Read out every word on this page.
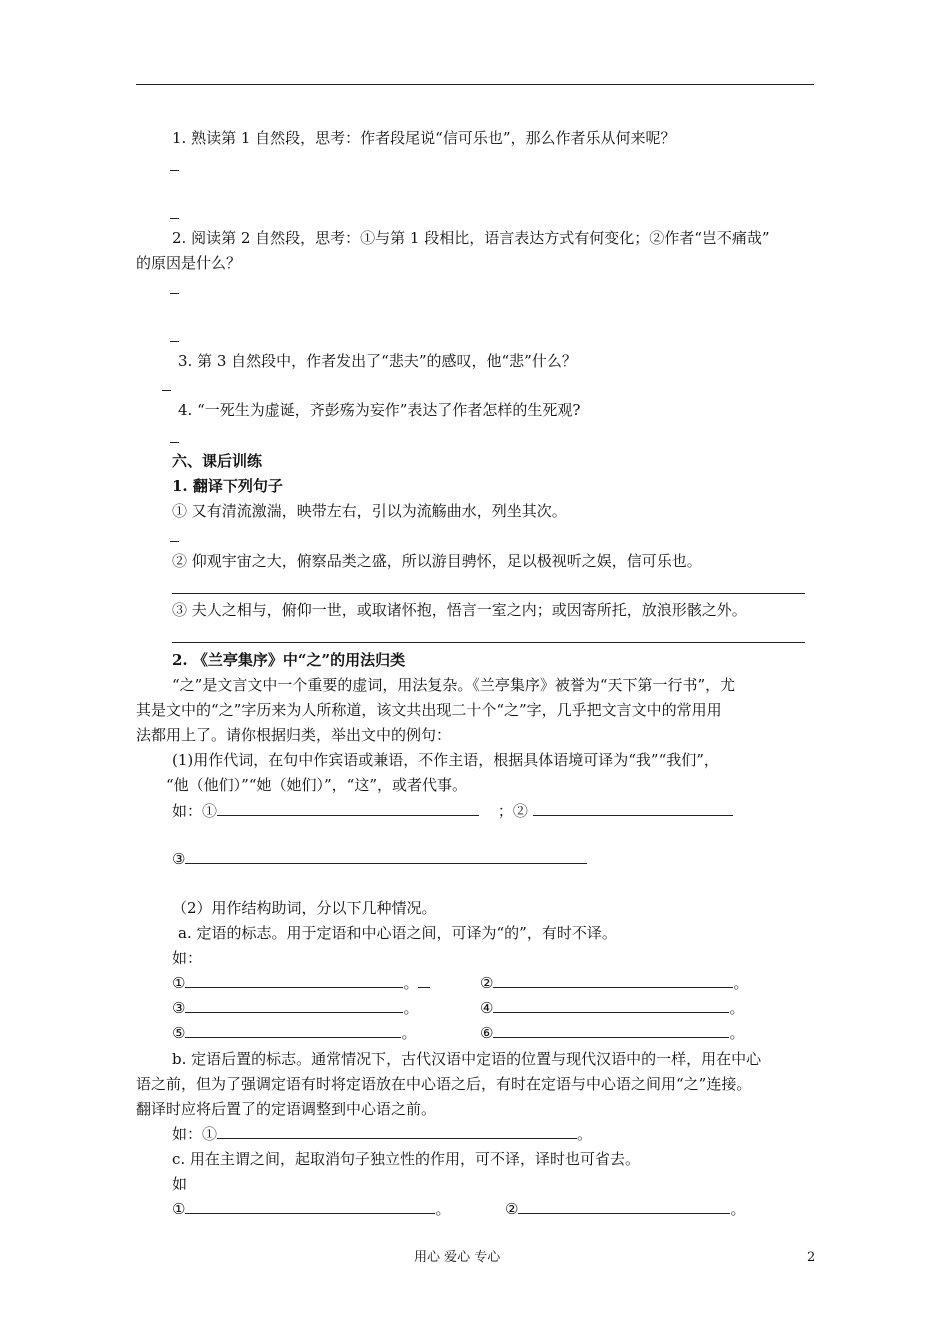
1. 熟读第 1 自然段，思考：作者段尾说“信可乐也”，那么作者乐从何来呢？
2. 阅读第 2 自然段，思考：①与第 1 段相比，语言表达方式有何变化；②作者“岂不痛哉”
的原因是什么？
3. 第 3 自然段中，作者发出了“悲夫”的感叹，他“悲”什么？
4. “一死生为虚诞，齐彭殇为妄作”表达了作者怎样的生死观?
六、课后训练
1. 翻译下列句子
① 又有清流激湍，映带左右，引以为流觞曲水，列坐其次。
② 仰观宇宙之大，俯察品类之盛，所以游目骋怀，足以极视听之娱，信可乐也。
③ 夫人之相与，俯仰一世，或取诸怀抱，悟言一室之内；或因寄所托，放浪形骸之外。
2. 《兰亭集序》中“之”的用法归类
“之”是文言文中一个重要的虚词，用法复杂。《兰亭集序》被誉为“天下第一行书”，尤
其是文中的“之”字历来为人所称道，该文共出现二十个“之”字，几乎把文言文中的常用用
法都用上了。请你根据归类，举出文中的例句：
(1)用作代词，在句中作宾语或兼语，不作主语，根据具体语境可译为“我”“我们”，
“他（他们）”“她（她们）”，“这”，或者代事。
如：①	；②
③
（2）用作结构助词，分以下几种情况。
a. 定语的标志。用于定语和中心语之间，可译为“的”，有时不译。
如：
①	。	②	。
③	。	④	。
⑤	。	⑥	。
b. 定语后置的标志。通常情况下，古代汉语中定语的位置与现代汉语中的一样，用在中心
语之前，但为了强调定语有时将定语放在中心语之后，有时在定语与中心语之间用“之”连接。
翻译时应将后置了的定语调整到中心语之前。
如：①	。
c. 用在主谓之间，起取消句子独立性的作用，可不译，译时也可省去。
如
①	。	②	。
用心 爱心 专心	2
